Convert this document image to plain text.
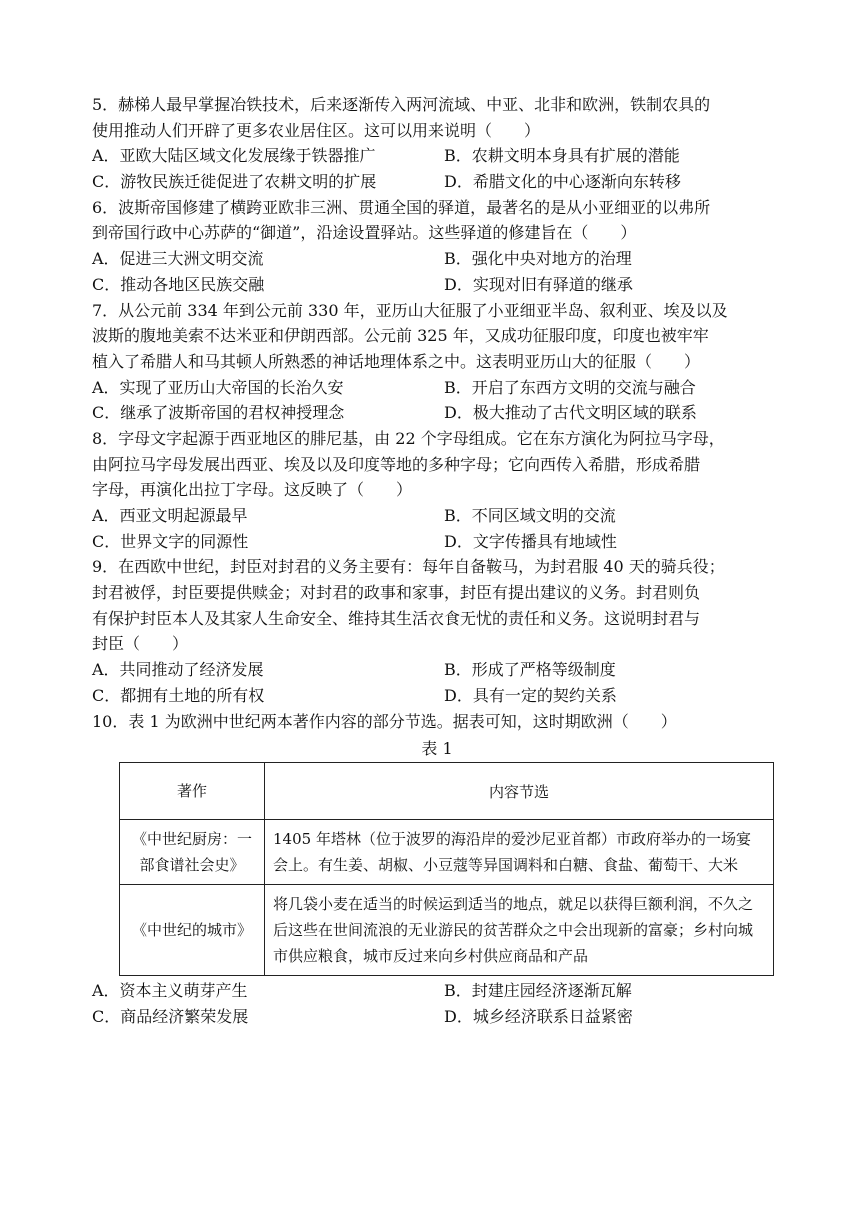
5．赫梯人最早掌握冶铁技术，后来逐渐传入两河流域、中亚、北非和欧洲，铁制农具的
使用推动人们开辟了更多农业居住区。这可以用来说明（　　）
A．亚欧大陆区域文化发展缘于铁器推广	B．农耕文明本身具有扩展的潜能
C．游牧民族迁徙促进了农耕文明的扩展	D．希腊文化的中心逐渐向东转移
6．波斯帝国修建了横跨亚欧非三洲、贯通全国的驿道，最著名的是从小亚细亚的以弗所
到帝国行政中心苏萨的“御道”，沿途设置驿站。这些驿道的修建旨在（　　）
A．促进三大洲文明交流	B．强化中央对地方的治理
C．推动各地区民族交融	D．实现对旧有驿道的继承
7．从公元前 334 年到公元前 330 年，亚历山大征服了小亚细亚半岛、叙利亚、埃及以及
波斯的腹地美索不达米亚和伊朗西部。公元前 325 年，又成功征服印度，印度也被牢牢
植入了希腊人和马其顿人所熟悉的神话地理体系之中。这表明亚历山大的征服（　　）
A．实现了亚历山大帝国的长治久安	B．开启了东西方文明的交流与融合
C．继承了波斯帝国的君权神授理念	D．极大推动了古代文明区域的联系
8．字母文字起源于西亚地区的腓尼基，由 22 个字母组成。它在东方演化为阿拉马字母，
由阿拉马字母发展出西亚、埃及以及印度等地的多种字母；它向西传入希腊，形成希腊
字母，再演化出拉丁字母。这反映了（　　）
A．西亚文明起源最早	B．不同区域文明的交流
C．世界文字的同源性	D．文字传播具有地域性
9．在西欧中世纪，封臣对封君的义务主要有：每年自备鞍马，为封君服 40 天的骑兵役；
封君被俘，封臣要提供赎金；对封君的政事和家事，封臣有提出建议的义务。封君则负
有保护封臣本人及其家人生命安全、维持其生活衣食无忧的责任和义务。这说明封君与
封臣（　　）
A．共同推动了经济发展	B．形成了严格等级制度
C．都拥有土地的所有权	D．具有一定的契约关系
10．表 1 为欧洲中世纪两本著作内容的部分节选。据表可知，这时期欧洲（　　）
表 1
著作	内容节选
《中世纪厨房：一部食谱社会史》	1405 年塔林（位于波罗的海沿岸的爱沙尼亚首都）市政府举办的一场宴会上。有生姜、胡椒、小豆蔻等异国调料和白糖、食盐、葡萄干、大米
《中世纪的城市》	将几袋小麦在适当的时候运到适当的地点，就足以获得巨额利润，不久之后这些在世间流浪的无业游民的贫苦群众之中会出现新的富豪；乡村向城市供应粮食，城市反过来向乡村供应商品和产品
A．资本主义萌芽产生	B．封建庄园经济逐渐瓦解
C．商品经济繁荣发展	D．城乡经济联系日益紧密
